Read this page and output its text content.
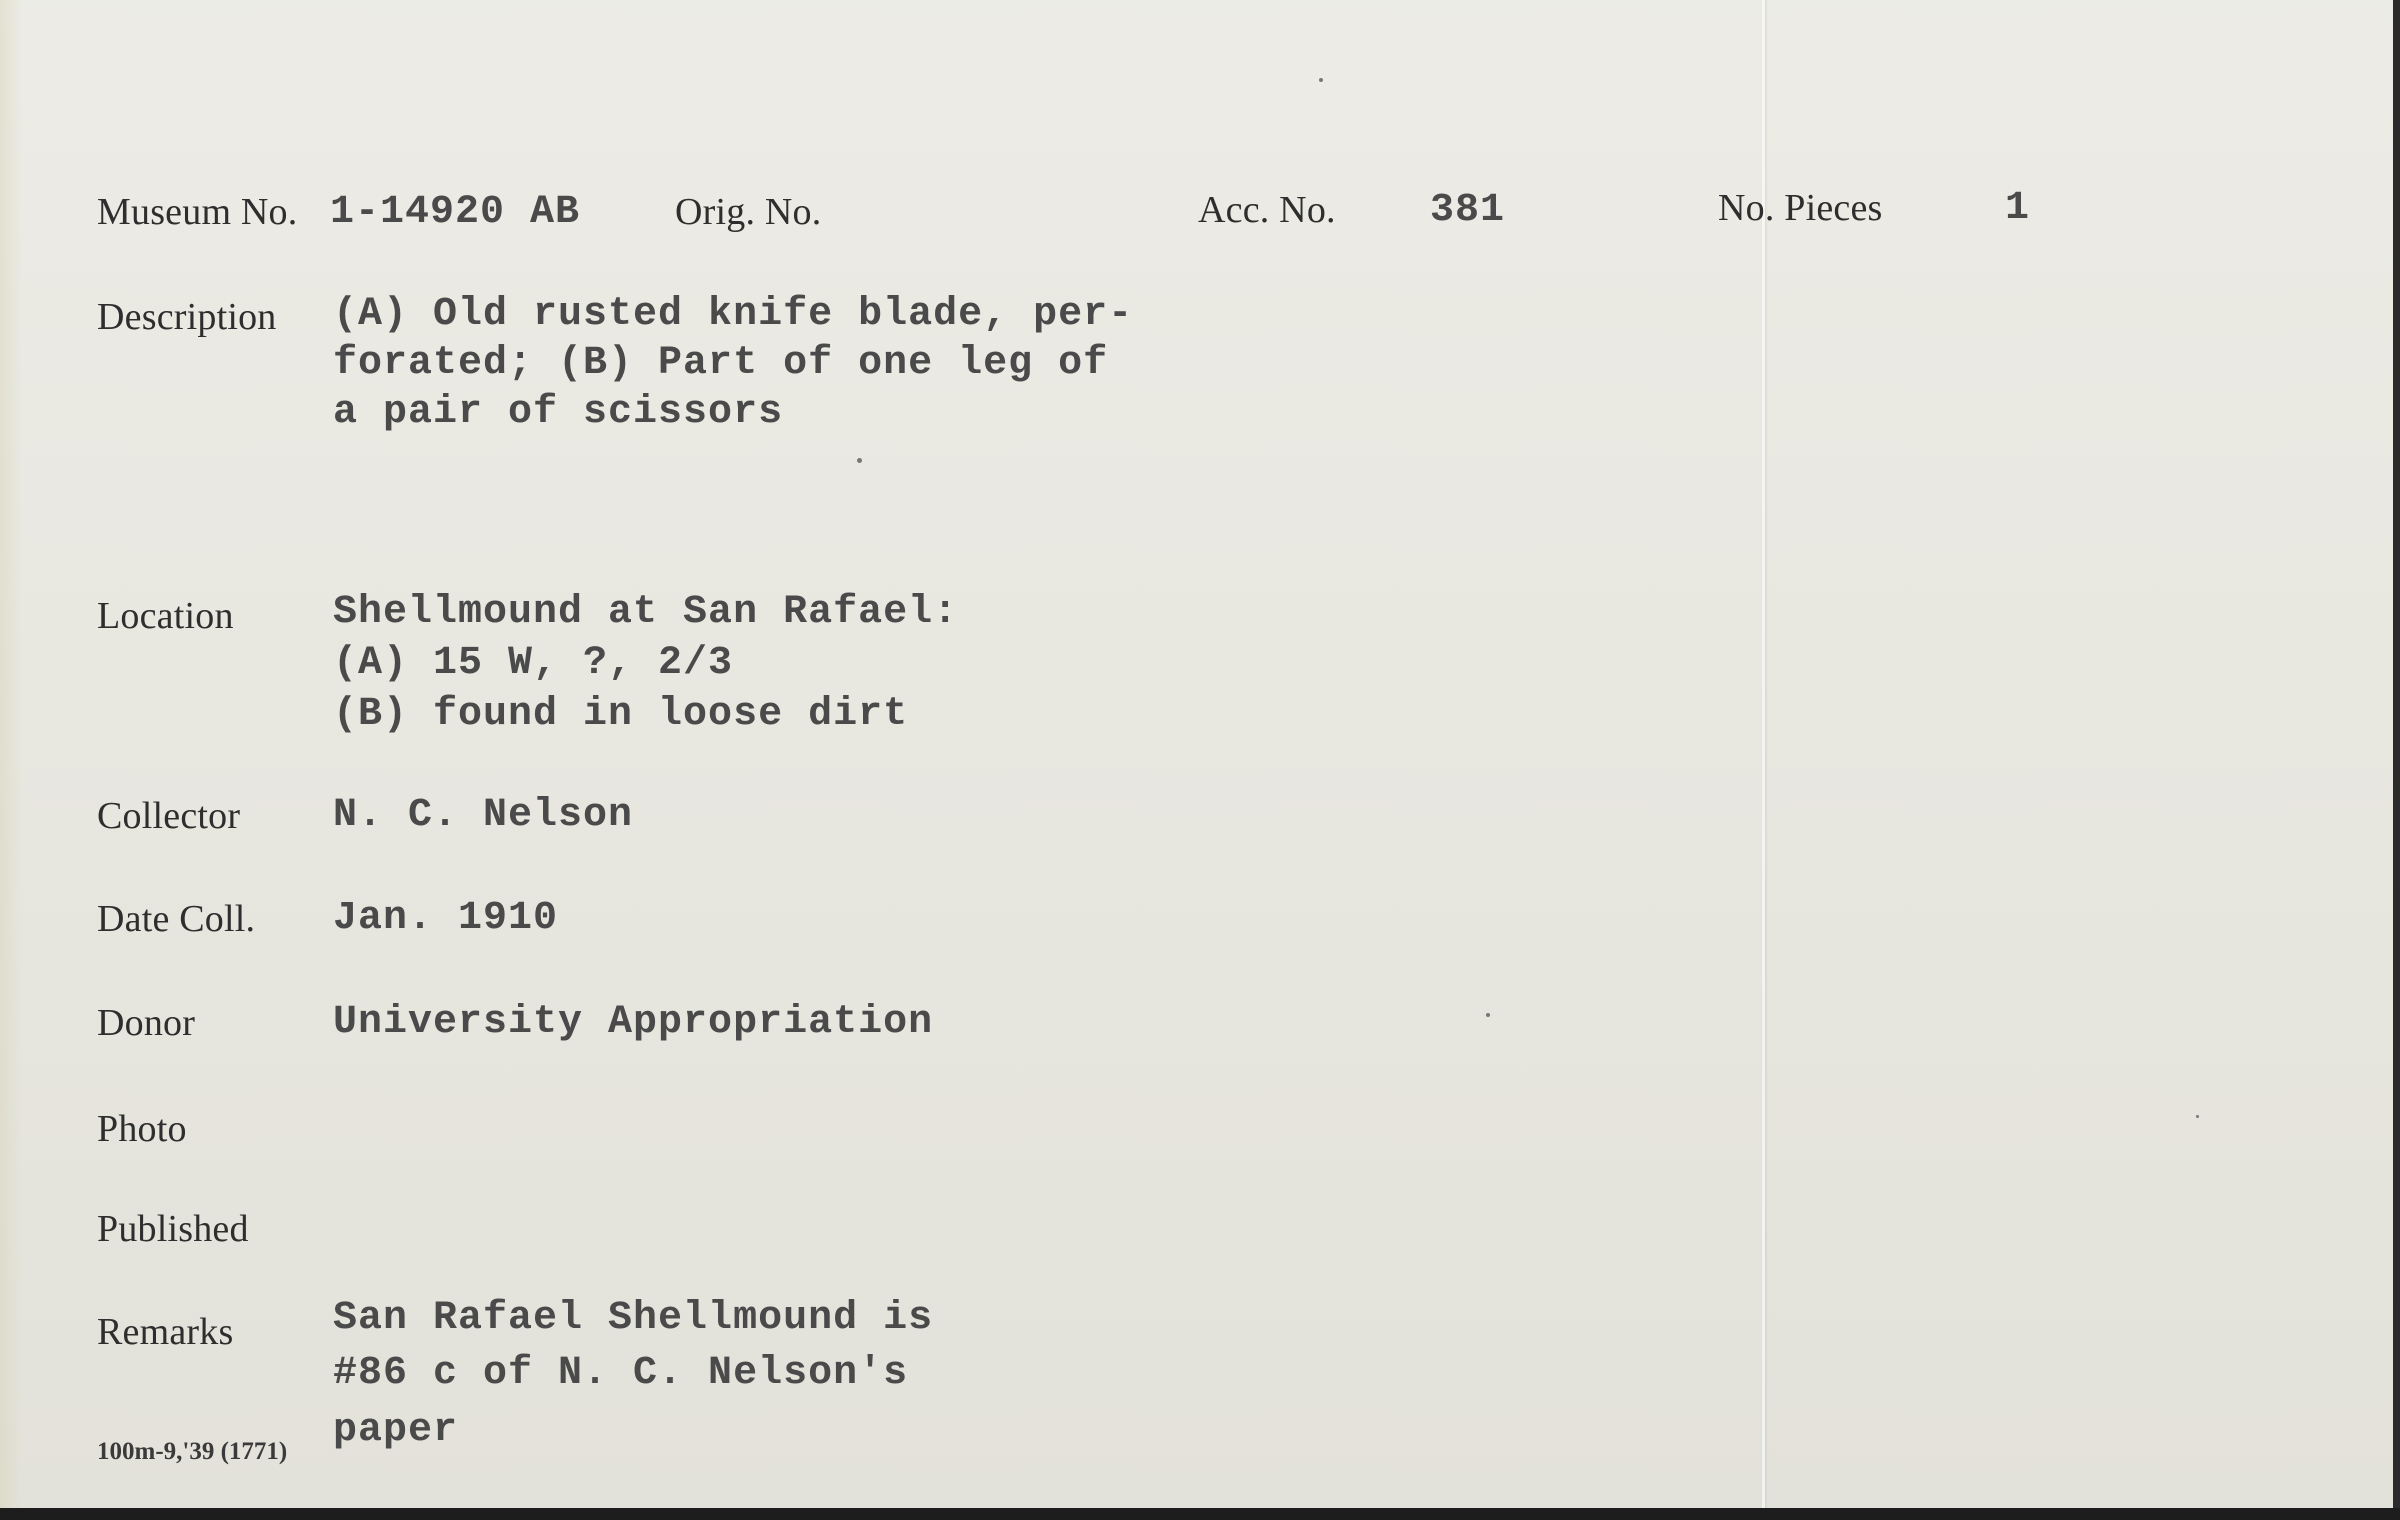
Museum No. 1-14920 AB Orig. No.	Acc. No. 381	No. Pieces	1
Description (A) Old rusted knife blade, per-
forated; (B) Part of one leg of
a pair of scissors
Location Shellmound at San Rafael:
(A) 15 W, ?, 2/3
(B) found in loose dirt
Collector N. C. Nelson
Date Coll. Jan. 1910
Donor	University Appropriation
Photo
Published
Remarks San Rafael Shellmound is
#86 c of N. C. Nelson's
paper
100m-9,'39 (1771)
